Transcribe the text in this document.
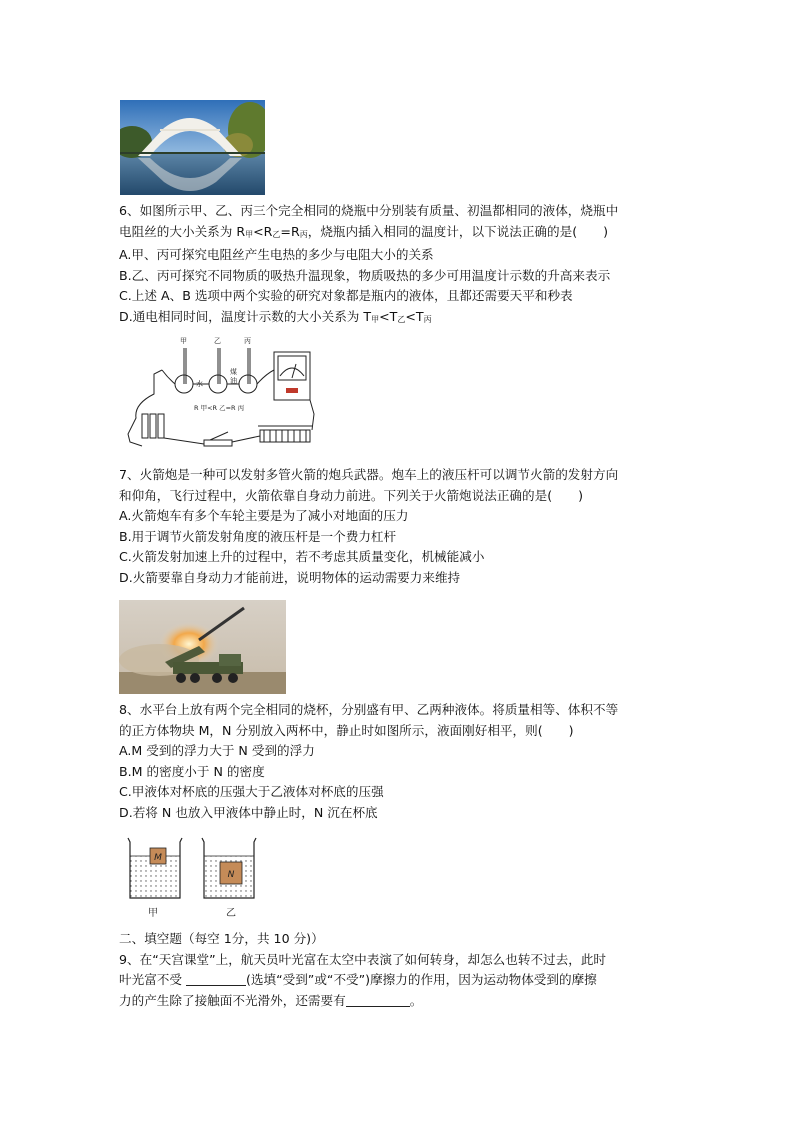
6、如图所示甲、乙、丙三个完全相同的烧瓶中分别装有质量、初温都相同的液体，烧瓶中
电阻丝的大小关系为 R甲<R乙=R丙，烧瓶内插入相同的温度计，以下说法正确的是( )
A.甲、丙可探究电阻丝产生电热的多少与电阻大小的关系
B.乙、丙可探究不同物质的吸热升温现象，物质吸热的多少可用温度计示数的升高来表示
C.上述 A、B 选项中两个实验的研究对象都是瓶内的液体，且都还需要天平和秒表
D.通电相同时间，温度计示数的大小关系为 T甲<T乙<T丙
甲	乙	丙
水
煤
油
R 甲<R 乙=R 丙
7、火箭炮是一种可以发射多管火箭的炮兵武器。炮车上的液压杆可以调节火箭的发射方向
和仰角，飞行过程中，火箭依靠自身动力前进。下列关于火箭炮说法正确的是( )
A.火箭炮车有多个车轮主要是为了减小对地面的压力
B.用于调节火箭发射角度的液压杆是一个费力杠杆
C.火箭发射加速上升的过程中，若不考虑其质量变化，机械能减小
D.火箭要靠自身动力才能前进，说明物体的运动需要力来维持
8、水平台上放有两个完全相同的烧杯，分别盛有甲、乙两种液体。将质量相等、体积不等
的正方体物块 M，N 分别放入两杯中，静止时如图所示，液面刚好相平，则( )
A.M 受到的浮力大于 N 受到的浮力
B.M 的密度小于 N 的密度
C.甲液体对杯底的压强大于乙液体对杯底的压强
D.若将 N 也放入甲液体中静止时，N 沉在杯底
M
N
甲	乙
二、填空题（每空 1分，共 10 分)）
9、在“天宫课堂”上，航天员叶光富在太空中表演了如何转身，却怎么也转不过去，此时
叶光富不受	(选填“受到”或“不受”)摩擦力的作用，因为运动物体受到的摩擦
力的产生除了接触面不光滑外，还需要有	。
